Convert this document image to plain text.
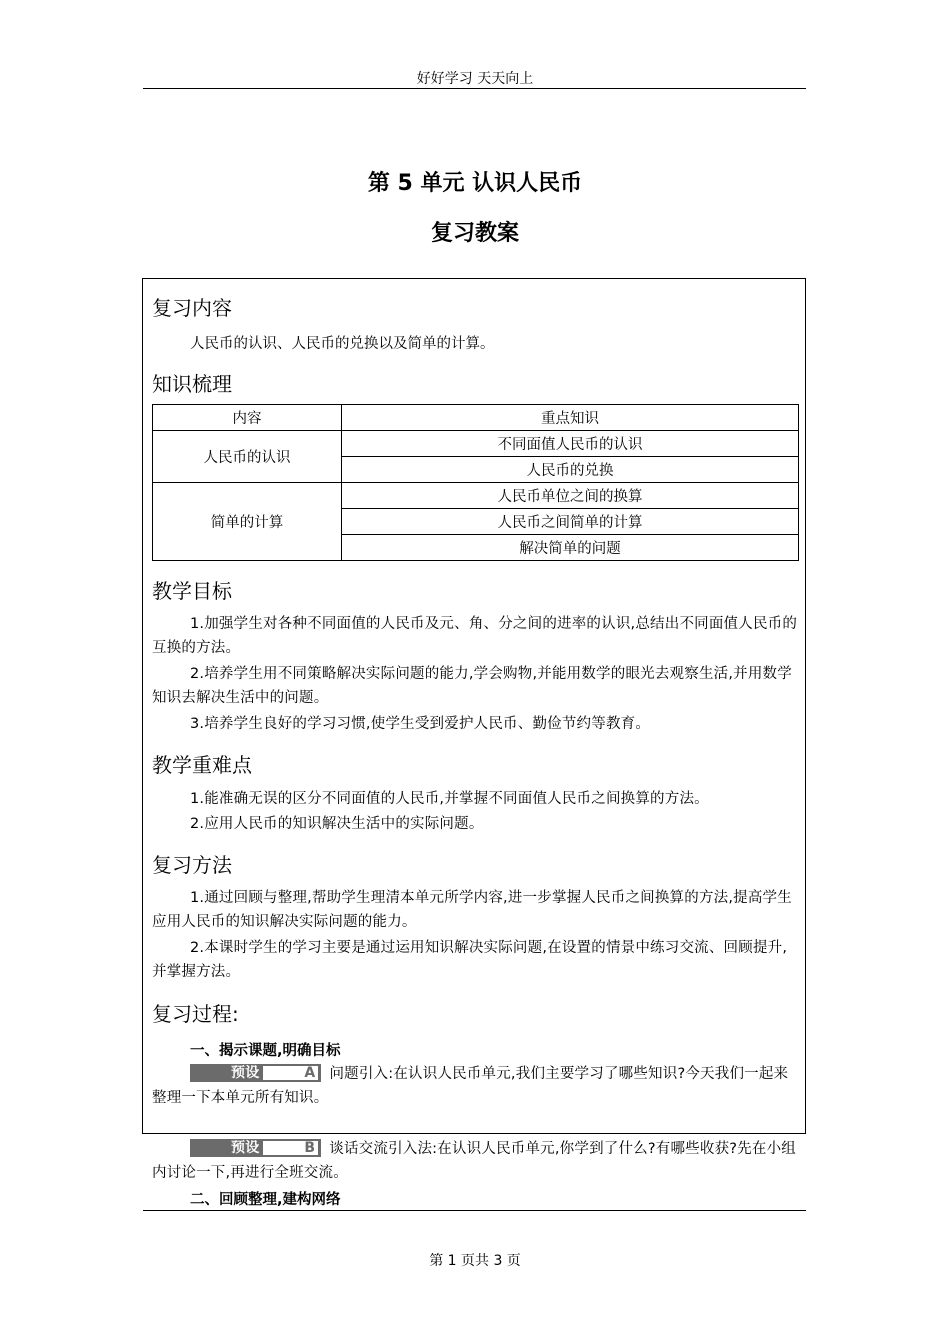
好好学习 天天向上
第 5 单元 认识人民币
复习教案
复习内容
人民币的认识、人民币的兑换以及简单的计算。
知识梳理
内容	重点知识
人民币的认识	不同面值人民币的认识
	人民币的兑换
简单的计算	人民币单位之间的换算
	人民币之间简单的计算
	解决简单的问题
教学目标
1.加强学生对各种不同面值的人民币及元、角、分之间的进率的认识,总结出不同面值人民币的互换的方法。
2.培养学生用不同策略解决实际问题的能力,学会购物,并能用数学的眼光去观察生活,并用数学知识去解决生活中的问题。
3.培养学生良好的学习习惯,使学生受到爱护人民币、勤俭节约等教育。
教学重难点
1.能准确无误的区分不同面值的人民币,并掌握不同面值人民币之间换算的方法。
2.应用人民币的知识解决生活中的实际问题。
复习方法
1.通过回顾与整理,帮助学生理清本单元所学内容,进一步掌握人民币之间换算的方法,提高学生应用人民币的知识解决实际问题的能力。
2.本课时学生的学习主要是通过运用知识解决实际问题,在设置的情景中练习交流、回顾提升,并掌握方法。
复习过程:
一、揭示课题,明确目标
预设	A 问题引入:在认识人民币单元,我们主要学习了哪些知识?今天我们一起来整理一下本单元所有知识。
预设	B 谈话交流引入法:在认识人民币单元,你学到了什么?有哪些收获?先在小组内讨论一下,再进行全班交流。
二、回顾整理,建构网络
第 1 页共 3 页
